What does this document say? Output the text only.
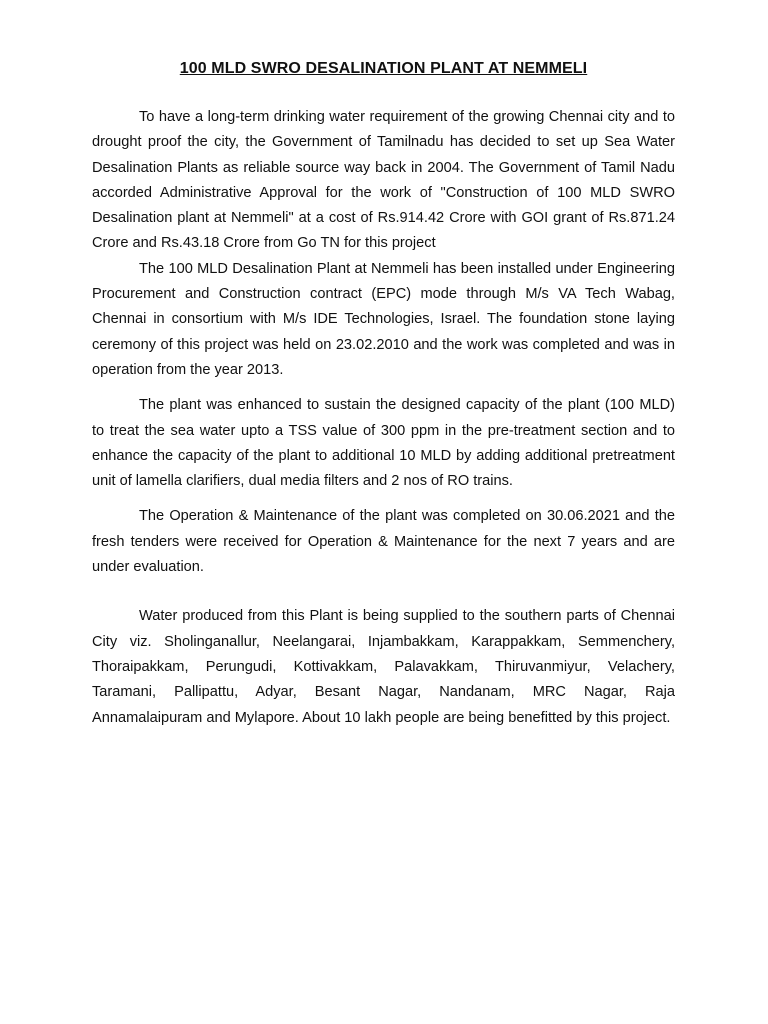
100 MLD SWRO DESALINATION PLANT AT NEMMELI

To have a long-term drinking water requirement of the growing Chennai city and to drought proof the city, the Government of Tamilnadu has decided to set up Sea Water Desalination Plants as reliable source way back in 2004. The Government of Tamil Nadu accorded Administrative Approval for the work of "Construction of 100 MLD SWRO Desalination plant at Nemmeli" at a cost of Rs.914.42 Crore with GOI grant of Rs.871.24 Crore and Rs.43.18 Crore from Go TN for this project

The 100 MLD Desalination Plant at Nemmeli has been installed under Engineering Procurement and Construction contract (EPC) mode through M/s VA Tech Wabag, Chennai in consortium with M/s IDE Technologies, Israel. The foundation stone laying ceremony of this project was held on 23.02.2010 and the work was completed and was in operation from the year 2013.

The plant was enhanced to sustain the designed capacity of the plant (100 MLD) to treat the sea water upto a TSS value of 300 ppm in the pre-treatment section and to enhance the capacity of the plant to additional 10 MLD by adding additional pretreatment unit of lamella clarifiers, dual media filters and 2 nos of RO trains.

The Operation & Maintenance of the plant was completed on 30.06.2021 and the fresh tenders were received for Operation & Maintenance for the next 7 years and are under evaluation.

Water produced from this Plant is being supplied to the southern parts of Chennai City viz. Sholinganallur, Neelangarai, Injambakkam, Karappakkam, Semmenchery, Thoraipakkam, Perungudi, Kottivakkam, Palavakkam, Thiruvanmiyur, Velachery, Taramani, Pallipattu, Adyar, Besant Nagar, Nandanam, MRC Nagar, Raja Annamalaipuram and Mylapore. About 10 lakh people are being benefitted by this project.
